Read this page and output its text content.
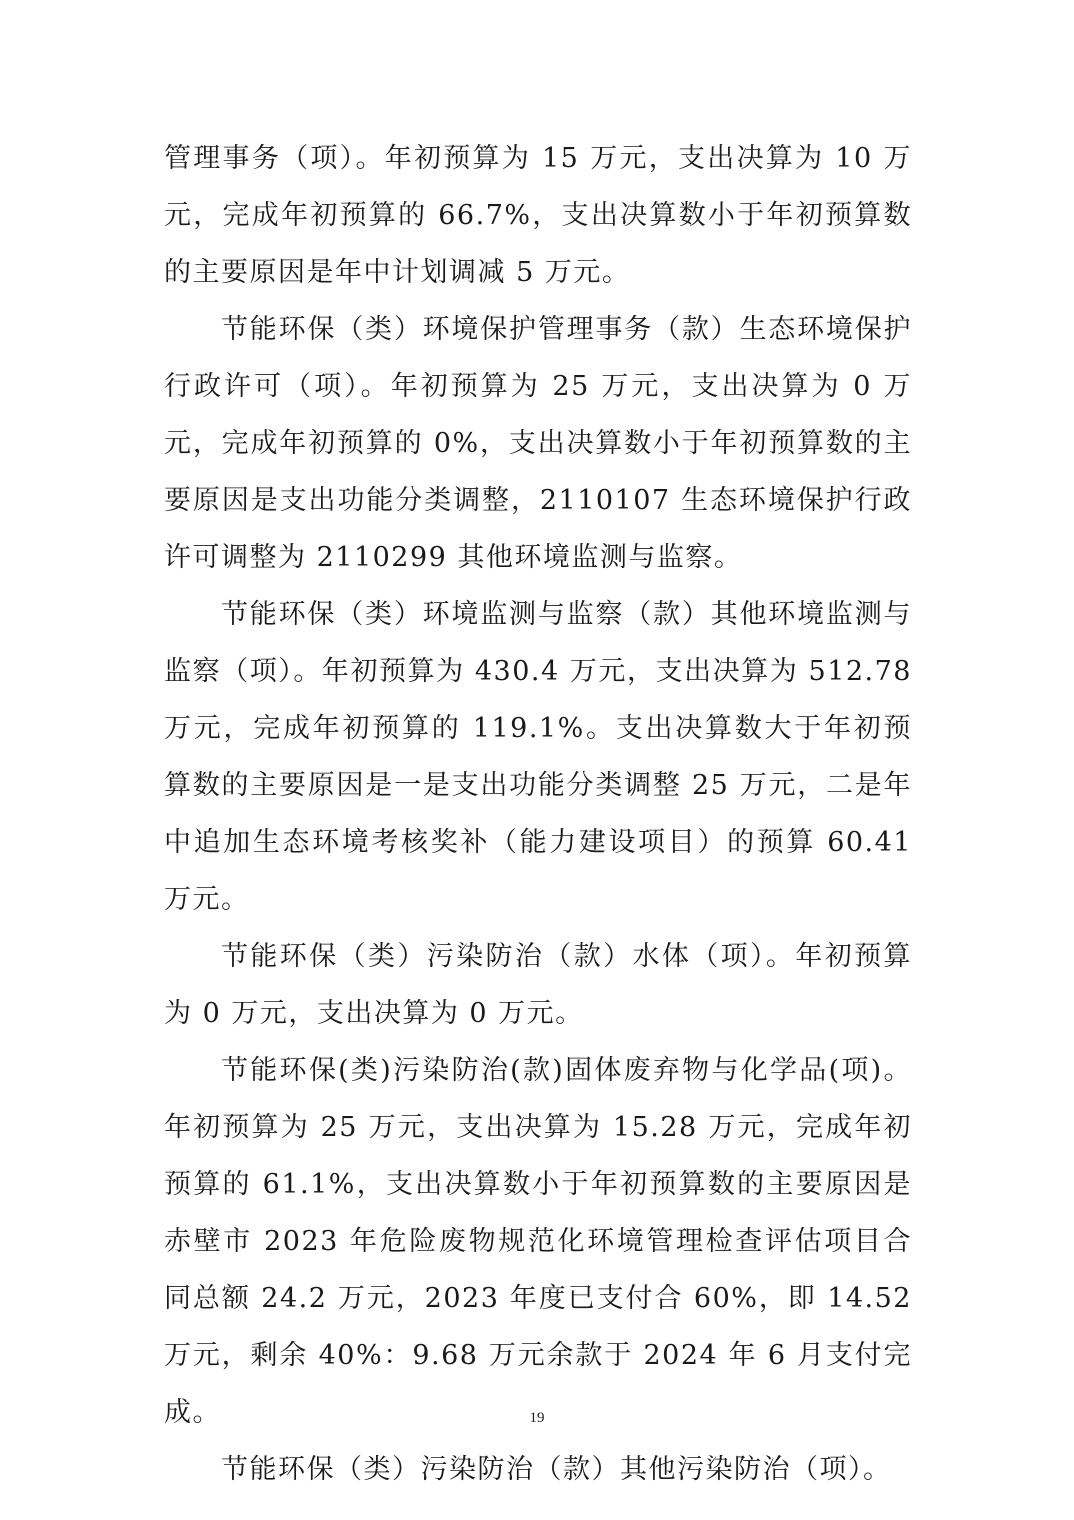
管理事务（项）。年初预算为 15 万元，支出决算为 10 万元，完成年初预算的 66.7%，支出决算数小于年初预算数的主要原因是年中计划调减 5 万元。

节能环保（类）环境保护管理事务（款）生态环境保护行政许可（项）。年初预算为 25 万元，支出决算为 0 万元，完成年初预算的 0%，支出决算数小于年初预算数的主要原因是支出功能分类调整，2110107 生态环境保护行政许可调整为 2110299 其他环境监测与监察。

节能环保（类）环境监测与监察（款）其他环境监测与监察（项）。年初预算为 430.4 万元，支出决算为 512.78 万元，完成年初预算的 119.1%。支出决算数大于年初预算数的主要原因是一是支出功能分类调整 25 万元，二是年中追加生态环境考核奖补（能力建设项目）的预算 60.41 万元。

节能环保（类）污染防治（款）水体（项）。年初预算为 0 万元，支出决算为 0 万元。

节能环保(类)污染防治(款)固体废弃物与化学品(项)。年初预算为 25 万元，支出决算为 15.28 万元，完成年初预算的 61.1%，支出决算数小于年初预算数的主要原因是赤壁市 2023 年危险废物规范化环境管理检查评估项目合同总额 24.2 万元，2023 年度已支付合 60%，即 14.52 万元，剩余 40%：9.68 万元余款于 2024 年 6 月支付完成。

节能环保（类）污染防治（款）其他污染防治（项）。

19
